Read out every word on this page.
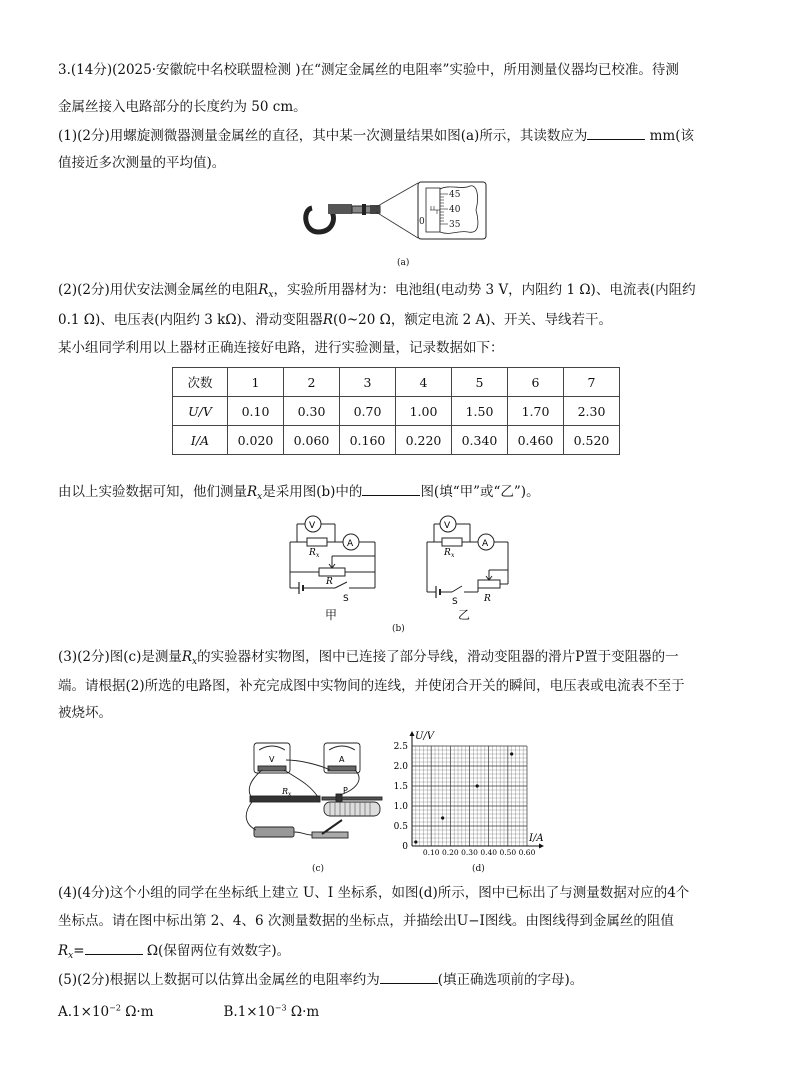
3.(14分)(2025·安徽皖中名校联盟检测 )在“测定金属丝的电阻率”实验中，所用测量仪器均已校准。待测
金属丝接入电路部分的长度约为 50 cm。
(1)(2分)用螺旋测微器测量金属丝的直径，其中某一次测量结果如图(a)所示，其读数应为	mm(该
值接近多次测量的平均值)。
45
40
35
0
(a)
(2)(2分)用伏安法测金属丝的电阻$R_x$，实验所用器材为：电池组(电动势 3 V，内阻约 1 Ω)、电流表(内阻约
0.1 Ω)、电压表(内阻约 3 kΩ)、滑动变阻器R(0~20 Ω，额定电流 2 A)、开关、导线若干。
某小组同学利用以上器材正确连接好电路，进行实验测量，记录数据如下：
次数	1	2	3	4	5	6	7
U/V	0.10	0.30	0.70	1.00	1.50	1.70	2.30
I/A	0.020	0.060	0.160	0.220	0.340	0.460	0.520
由以上实验数据可知，他们测量$R_x$是采用图(b)中的	图(填“甲”或“乙”)。
V
A
R x
R
S
甲
V
A
R x
R
S
乙
(b)
(3)(2分)图(c)是测量$R_x$的实验器材实物图，图中已连接了部分导线，滑动变阻器的滑片P置于变阻器的一
端。请根据(2)所选的电路图，补充完成图中实物间的连线，并使闭合开关的瞬间，电压表或电流表不至于
被烧坏。
V	A
R x	P
(c)
0
0.5
1.0
1.5
2.0
2.5
0.10 0.20 0.30 0.40 0.50 0.60
U/V
I/A
(d)
(4)(4分)这个小组的同学在坐标纸上建立 U、I 坐标系，如图(d)所示，图中已标出了与测量数据对应的4个
坐标点。请在图中标出第 2、4、6 次测量数据的坐标点，并描绘出U−I图线。由图线得到金属丝的阻值
$R_x=$	Ω(保留两位有效数字)。
(5)(2分)根据以上数据可以估算出金属丝的电阻率约为	(填正确选项前的字母)。
$A.1\times 10^{-2}$ Ω·m	$B.1\times 10^{-3}$ Ω·m
